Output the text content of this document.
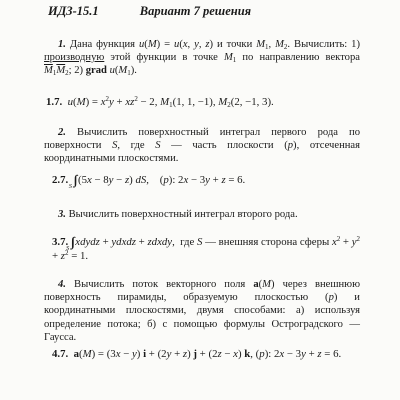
ИДЗ-15.1	Вариант 7 решения
1. Дана функция u(M) = u(x, y, z) и точки $M_1$, $M_2$. Вычислить: 1) производную этой функции в точке $M_1$ по направлению вектора $\overline{M}_1\overline{M}_2$; 2) grad $u(M_1)$.
1.7. $u(M) = x^2y + xz^2 - 2$, $M_1(1$, 1, −1), $M_2(2$, −1, 3).
2. Вычислить поверхностный интеграл первого рода по поверхности S, где S — часть плоскости (p), отсеченная координатными плоскостями.
2.7. $\int\int_S(5x - 8y - z)$ dS,    (p): 2x − 3y + z = 6.
3. Вычислить поверхностный интеграл второго рода.
3.7. $\int\int_Sxdydz$ + ydxdz + zdxdy,  где S — внешняя сторона сферы $x^2 + y^2 + z^2 = 1$.
4. Вычислить поток векторного поля a(M) через внешнюю поверхность пирамиды, образуемую плоскостью (p) и координатными плоскостями, двумя способами: а) используя определение потока; б) с помощью формулы Остроградского — Гаусса.
4.7. a(M) = (3x − y) i + (2y + z) j + (2z − x) k, (p): 2x − 3y + z = 6.
